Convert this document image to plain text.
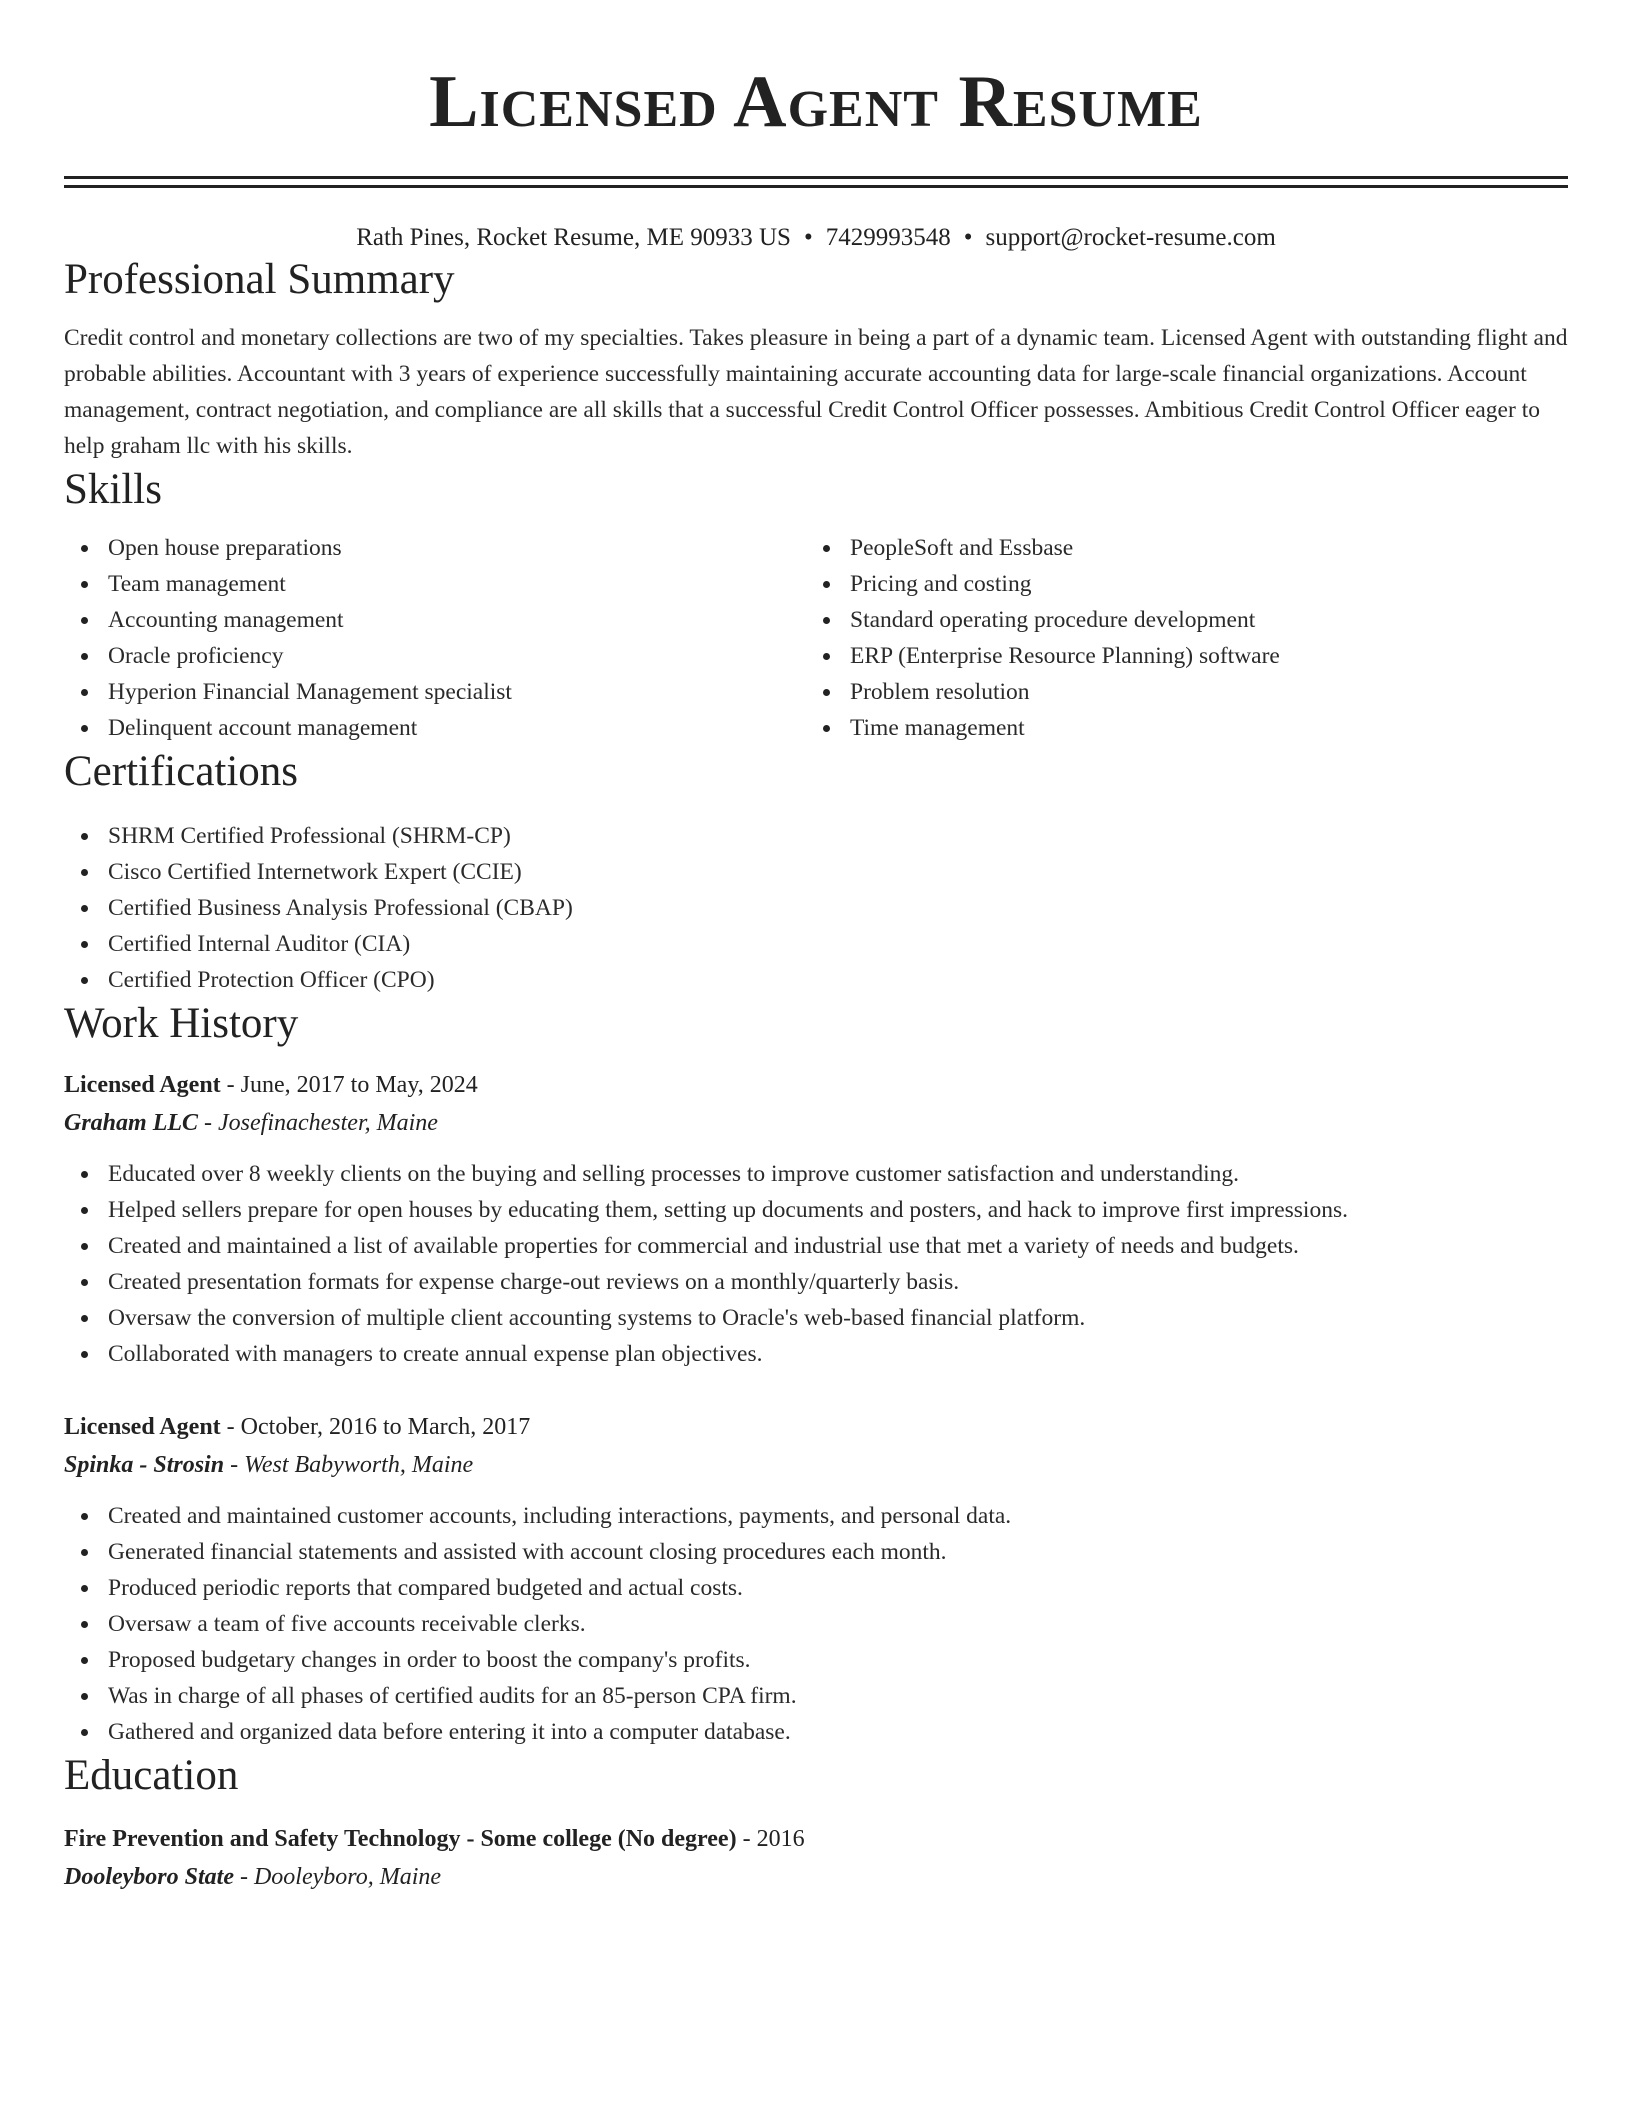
LICENSED AGENT RESUME
Rath Pines, Rocket Resume, ME 90933 US • 7429993548 • support@rocket-resume.com
Professional Summary

Credit control and monetary collections are two of my specialties. Takes pleasure in being a part of a dynamic team. Licensed Agent with outstanding flight and probable abilities. Accountant with 3 years of experience successfully maintaining accurate accounting data for large-scale financial organizations. Account management, contract negotiation, and compliance are all skills that a successful Credit Control Officer possesses. Ambitious Credit Control Officer eager to help graham llc with his skills.

Skills
Open house preparations
Team management
Accounting management
Oracle proficiency
Hyperion Financial Management specialist
Delinquent account management
PeopleSoft and Essbase
Pricing and costing
Standard operating procedure development
ERP (Enterprise Resource Planning) software
Problem resolution
Time management
Certifications
SHRM Certified Professional (SHRM-CP)
Cisco Certified Internetwork Expert (CCIE)
Certified Business Analysis Professional (CBAP)
Certified Internal Auditor (CIA)
Certified Protection Officer (CPO)
Work History
Licensed Agent - June, 2017 to May, 2024
Graham LLC - Josefinachester, Maine
Educated over 8 weekly clients on the buying and selling processes to improve customer satisfaction and understanding.
Helped sellers prepare for open houses by educating them, setting up documents and posters, and hack to improve first impressions.
Created and maintained a list of available properties for commercial and industrial use that met a variety of needs and budgets.
Created presentation formats for expense charge-out reviews on a monthly/quarterly basis.
Oversaw the conversion of multiple client accounting systems to Oracle's web-based financial platform.
Collaborated with managers to create annual expense plan objectives.
Licensed Agent - October, 2016 to March, 2017
Spinka - Strosin - West Babyworth, Maine
Created and maintained customer accounts, including interactions, payments, and personal data.
Generated financial statements and assisted with account closing procedures each month.
Produced periodic reports that compared budgeted and actual costs.
Oversaw a team of five accounts receivable clerks.
Proposed budgetary changes in order to boost the company's profits.
Was in charge of all phases of certified audits for an 85-person CPA firm.
Gathered and organized data before entering it into a computer database.
Education
Fire Prevention and Safety Technology - Some college (No degree) - 2016
Dooleyboro State - Dooleyboro, Maine
